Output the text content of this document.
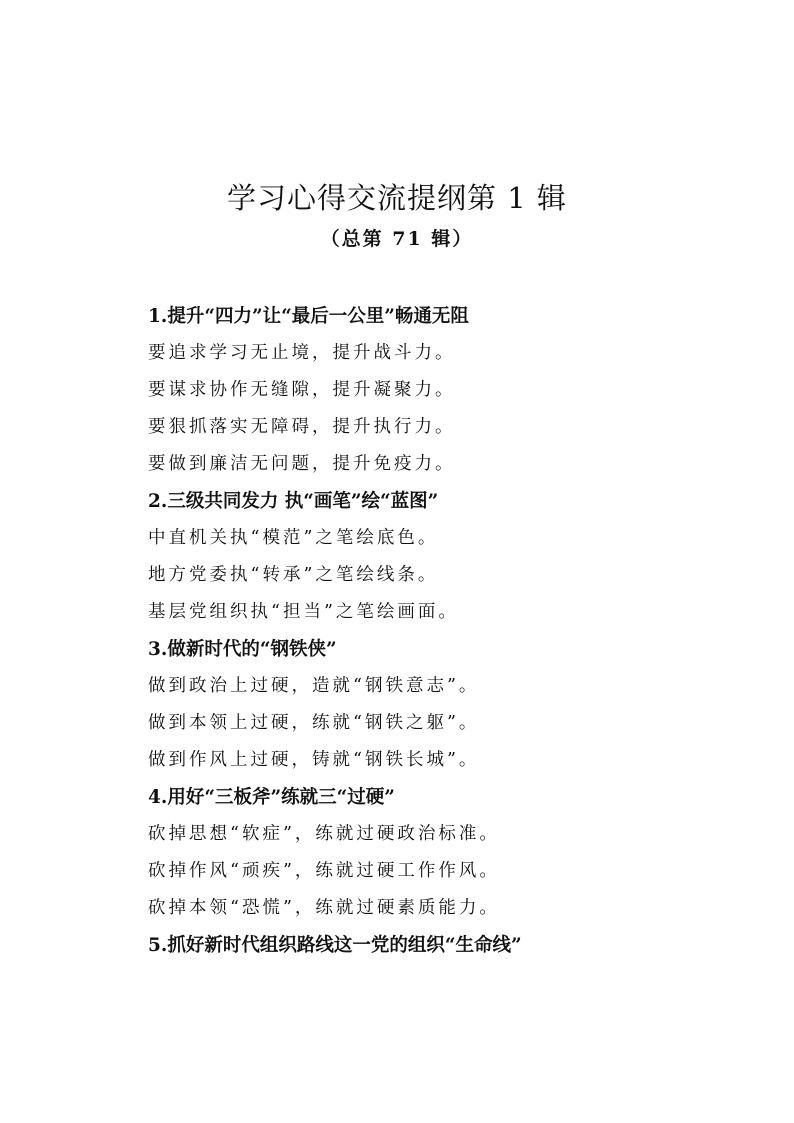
学习心得交流提纲第 1 辑
（总第 71 辑）
1.提升“四力”让“最后一公里”畅通无阻
要追求学习无止境，提升战斗力。
要谋求协作无缝隙，提升凝聚力。
要狠抓落实无障碍，提升执行力。
要做到廉洁无问题，提升免疫力。
2.三级共同发力 执“画笔”绘“蓝图”
中直机关执“模范”之笔绘底色。
地方党委执“转承”之笔绘线条。
基层党组织执“担当”之笔绘画面。
3.做新时代的“钢铁侠”
做到政治上过硬，造就“钢铁意志”。
做到本领上过硬，练就“钢铁之躯”。
做到作风上过硬，铸就“钢铁长城”。
4.用好“三板斧”练就三“过硬”
砍掉思想“软症”，练就过硬政治标准。
砍掉作风“顽疾”，练就过硬工作作风。
砍掉本领“恐慌”，练就过硬素质能力。
5.抓好新时代组织路线这一党的组织“生命线”
